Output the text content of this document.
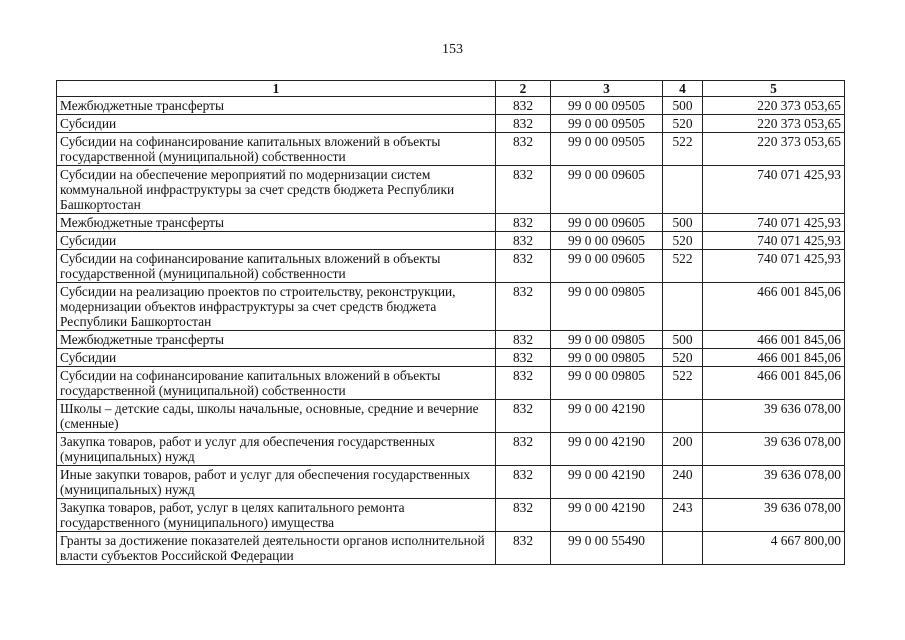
153
1	2	3	4	5
Межбюджетные трансферты	832	99 0 00 09505	500	220 373 053,65
Субсидии	832	99 0 00 09505	520	220 373 053,65
Субсидии на софинансирование капитальных вложений в объекты государственной (муниципальной) собственности	832	99 0 00 09505	522	220 373 053,65
Субсидии на обеспечение мероприятий по модернизации систем коммунальной инфраструктуры за счет средств бюджета Республики Башкортостан	832	99 0 00 09605		740 071 425,93
Межбюджетные трансферты	832	99 0 00 09605	500	740 071 425,93
Субсидии	832	99 0 00 09605	520	740 071 425,93
Субсидии на софинансирование капитальных вложений в объекты государственной (муниципальной) собственности	832	99 0 00 09605	522	740 071 425,93
Субсидии на реализацию проектов по строительству, реконструкции, модернизации объектов инфраструктуры за счет средств бюджета Республики Башкортостан	832	99 0 00 09805		466 001 845,06
Межбюджетные трансферты	832	99 0 00 09805	500	466 001 845,06
Субсидии	832	99 0 00 09805	520	466 001 845,06
Субсидии на софинансирование капитальных вложений в объекты государственной (муниципальной) собственности	832	99 0 00 09805	522	466 001 845,06
Школы – детские сады, школы начальные, основные, средние и вечерние (сменные)	832	99 0 00 42190		39 636 078,00
Закупка товаров, работ и услуг для обеспечения государственных (муниципальных) нужд	832	99 0 00 42190	200	39 636 078,00
Иные закупки товаров, работ и услуг для обеспечения государственных (муниципальных) нужд	832	99 0 00 42190	240	39 636 078,00
Закупка товаров, работ, услуг в целях капитального ремонта государственного (муниципального) имущества	832	99 0 00 42190	243	39 636 078,00
Гранты за достижение показателей деятельности органов исполнительной власти субъектов Российской Федерации	832	99 0 00 55490		4 667 800,00
